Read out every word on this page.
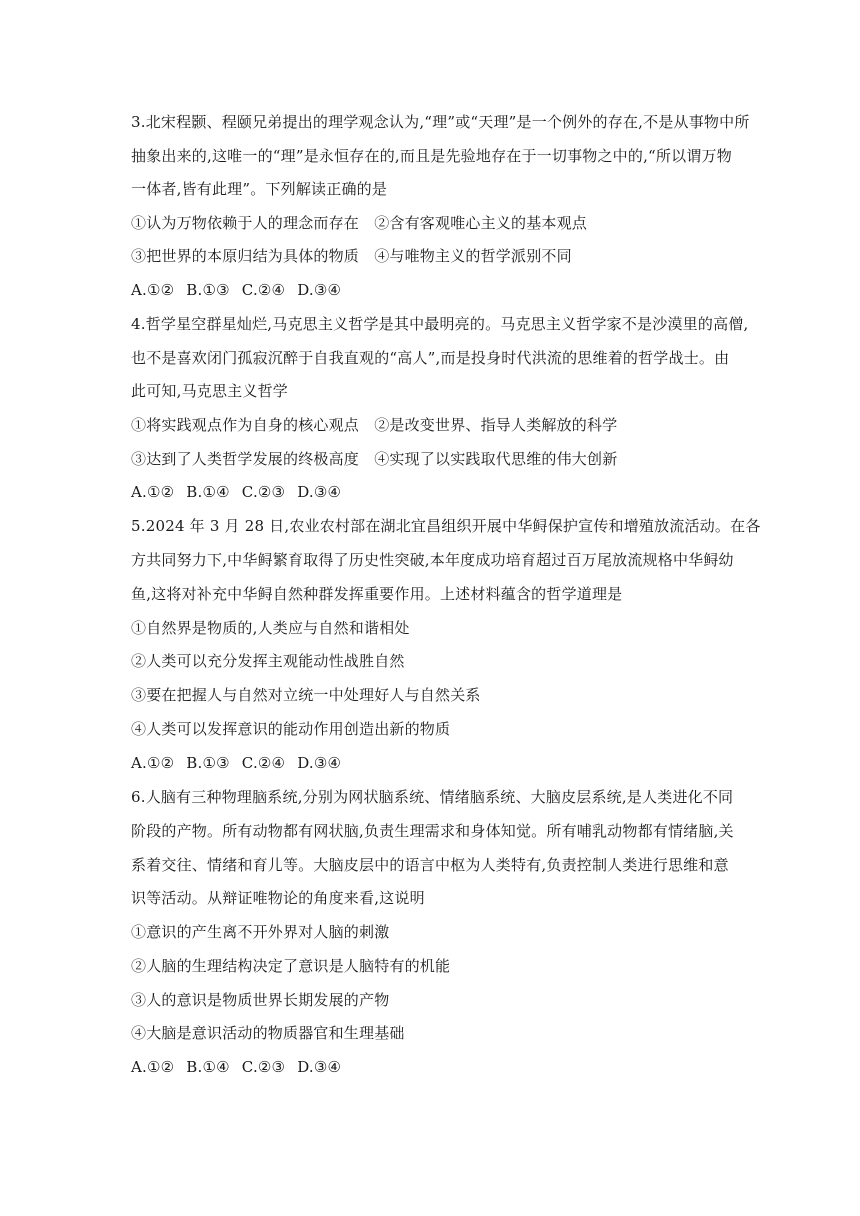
3.北宋程颢、程颐兄弟提出的理学观念认为,“理”或“天理”是一个例外的存在,不是从事物中所
抽象出来的,这唯一的“理”是永恒存在的,而且是先验地存在于一切事物之中的,“所以谓万物
一体者,皆有此理”。下列解读正确的是
①认为万物依赖于人的理念而存在　②含有客观唯心主义的基本观点
③把世界的本原归结为具体的物质　④与唯物主义的哲学派别不同
A.①② B.①③ C.②④ D.③④
4.哲学星空群星灿烂,马克思主义哲学是其中最明亮的。马克思主义哲学家不是沙漠里的高僧,
也不是喜欢闭门孤寂沉醉于自我直观的“高人”,而是投身时代洪流的思维着的哲学战士。由
此可知,马克思主义哲学
①将实践观点作为自身的核心观点　②是改变世界、指导人类解放的科学
③达到了人类哲学发展的终极高度　④实现了以实践取代思维的伟大创新
A.①② B.①④ C.②③ D.③④
5.2024 年 3 月 28 日,农业农村部在湖北宜昌组织开展中华鲟保护宣传和增殖放流活动。在各
方共同努力下,中华鲟繁育取得了历史性突破,本年度成功培育超过百万尾放流规格中华鲟幼
鱼,这将对补充中华鲟自然种群发挥重要作用。上述材料蕴含的哲学道理是
①自然界是物质的,人类应与自然和谐相处
②人类可以充分发挥主观能动性战胜自然
③要在把握人与自然对立统一中处理好人与自然关系
④人类可以发挥意识的能动作用创造出新的物质
A.①② B.①③ C.②④ D.③④
6.人脑有三种物理脑系统,分别为网状脑系统、情绪脑系统、大脑皮层系统,是人类进化不同
阶段的产物。所有动物都有网状脑,负责生理需求和身体知觉。所有哺乳动物都有情绪脑,关
系着交往、情绪和育儿等。大脑皮层中的语言中枢为人类特有,负责控制人类进行思维和意
识等活动。从辩证唯物论的角度来看,这说明
①意识的产生离不开外界对人脑的刺激
②人脑的生理结构决定了意识是人脑特有的机能
③人的意识是物质世界长期发展的产物
④大脑是意识活动的物质器官和生理基础
A.①② B.①④ C.②③ D.③④
